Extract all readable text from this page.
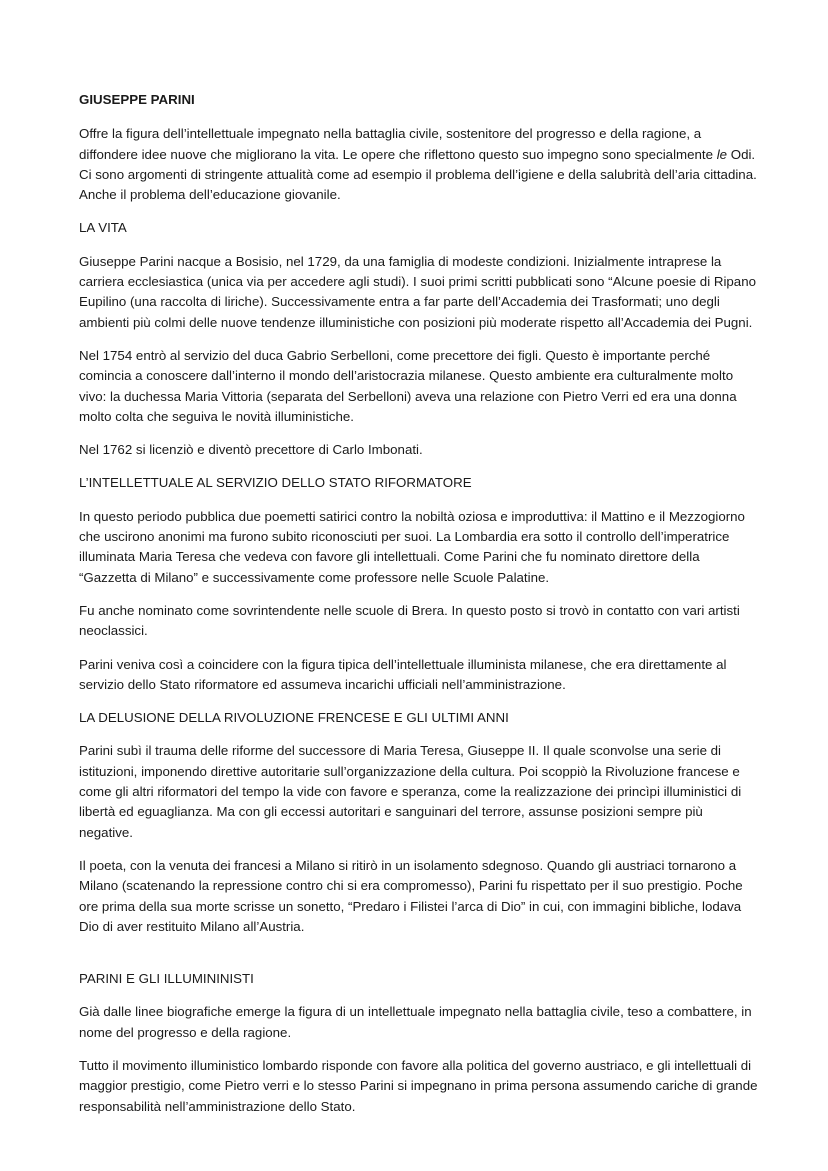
GIUSEPPE PARINI

Offre la figura dell’intellettuale impegnato nella battaglia civile, sostenitore del progresso e della ragione, a diffondere idee nuove che migliorano la vita. Le opere che riflettono questo suo impegno sono specialmente le Odi. Ci sono argomenti di stringente attualità come ad esempio il problema dell’igiene e della salubrità dell’aria cittadina. Anche il problema dell’educazione giovanile.

LA VITA

Giuseppe Parini nacque a Bosisio, nel 1729, da una famiglia di modeste condizioni. Inizialmente intraprese la carriera ecclesiastica (unica via per accedere agli studi). I suoi primi scritti pubblicati sono “Alcune poesie di Ripano Eupilino (una raccolta di liriche). Successivamente entra a far parte dell’Accademia dei Trasformati; uno degli ambienti più colmi delle nuove tendenze illuministiche con posizioni più moderate rispetto all’Accademia dei Pugni.

Nel 1754 entrò al servizio del duca Gabrio Serbelloni, come precettore dei figli. Questo è importante perché comincia a conoscere dall’interno il mondo dell’aristocrazia milanese. Questo ambiente era culturalmente molto vivo: la duchessa Maria Vittoria (separata del Serbelloni) aveva una relazione con Pietro Verri ed era una donna molto colta che seguiva le novità illuministiche.

Nel 1762 si licenziò e diventò precettore di Carlo Imbonati.

L’INTELLETTUALE AL SERVIZIO DELLO STATO RIFORMATORE

In questo periodo pubblica due poemetti satirici contro la nobiltà oziosa e improduttiva: il Mattino e il Mezzogiorno che uscirono anonimi ma furono subito riconosciuti per suoi. La Lombardia era sotto il controllo dell’imperatrice illuminata Maria Teresa che vedeva con favore gli intellettuali. Come Parini che fu nominato direttore della “Gazzetta di Milano” e successivamente come professore nelle Scuole Palatine.

Fu anche nominato come sovrintendente nelle scuole di Brera. In questo posto si trovò in contatto con vari artisti neoclassici.

Parini veniva così a coincidere con la figura tipica dell’intellettuale illuminista milanese, che era direttamente al servizio dello Stato riformatore ed assumeva incarichi ufficiali nell’amministrazione.

LA DELUSIONE DELLA RIVOLUZIONE FRENCESE E GLI ULTIMI ANNI

Parini subì il trauma delle riforme del successore di Maria Teresa, Giuseppe II. Il quale sconvolse una serie di istituzioni, imponendo direttive autoritarie sull’organizzazione della cultura. Poi scoppiò la Rivoluzione francese e come gli altri riformatori del tempo la vide con favore e speranza, come la realizzazione dei princìpi illuministici di libertà ed eguaglianza. Ma con gli eccessi autoritari e sanguinari del terrore, assunse posizioni sempre più negative.

Il poeta, con la venuta dei francesi a Milano si ritirò in un isolamento sdegnoso. Quando gli austriaci tornarono a Milano (scatenando la repressione contro chi si era compromesso), Parini fu rispettato per il suo prestigio. Poche ore prima della sua morte scrisse un sonetto, “Predaro i Filistei l’arca di Dio” in cui, con immagini bibliche, lodava Dio di aver restituito Milano all’Austria.

PARINI E GLI ILLUMININISTI

Già dalle linee biografiche emerge la figura di un intellettuale impegnato nella battaglia civile, teso a combattere, in nome del progresso e della ragione.

Tutto il movimento illuministico lombardo risponde con favore alla politica del governo austriaco, e gli intellettuali di maggior prestigio, come Pietro verri e lo stesso Parini si impegnano in prima persona assumendo cariche di grande responsabilità nell’amministrazione dello Stato.
